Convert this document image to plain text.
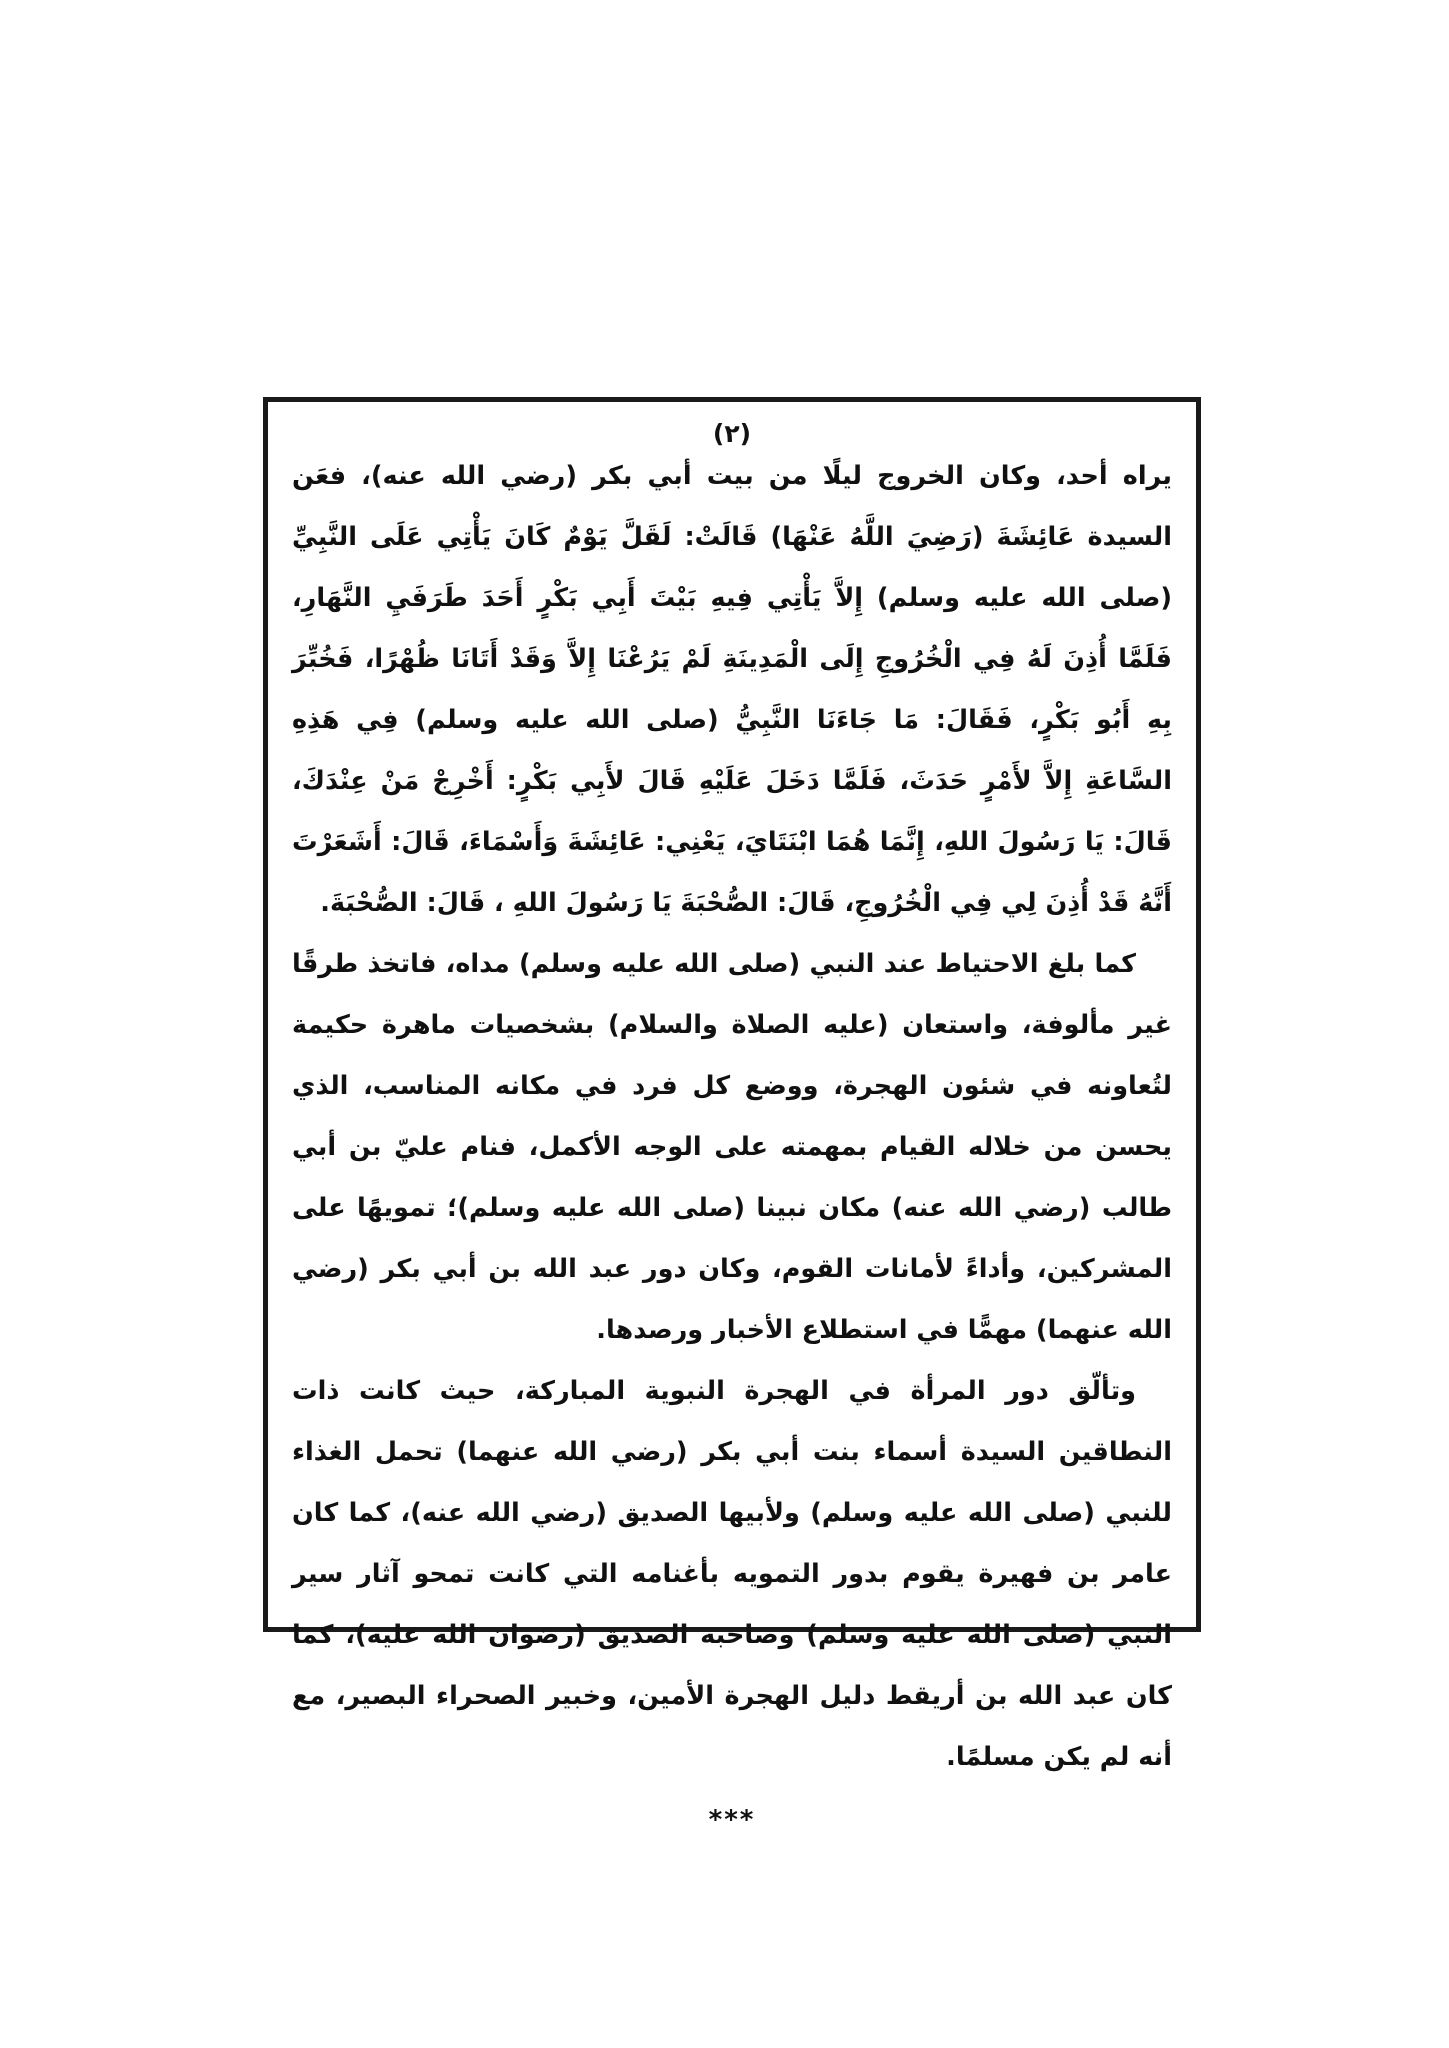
(٢)

يراه أحد، وكان الخروج ليلًا من بيت أبي بكر (رضي الله عنه)، فعَن السيدة عَائِشَةَ (رَضِيَ اللَّهُ عَنْهَا) قَالَتْ: لَقَلَّ يَوْمٌ كَانَ يَأْتِي عَلَى النَّبِيِّ (صلى الله عليه وسلم) إِلاَّ يَأْتِي فِيهِ بَيْتَ أَبِي بَكْرٍ أَحَدَ طَرَفَيِ النَّهَارِ، فَلَمَّا أُذِنَ لَهُ فِي الْخُرُوجِ إِلَى الْمَدِينَةِ لَمْ يَرُعْنَا إِلاَّ وَقَدْ أَتَانَا ظُهْرًا، فَخُبِّرَ بِهِ أَبُو بَكْرٍ، فَقَالَ: مَا جَاءَنَا النَّبِيُّ (صلى الله عليه وسلم) فِي هَذِهِ السَّاعَةِ إِلاَّ لأَمْرٍ حَدَثَ، فَلَمَّا دَخَلَ عَلَيْهِ قَالَ لأَبِي بَكْرٍ: أَخْرِجْ مَنْ عِنْدَكَ، قَالَ: يَا رَسُولَ اللهِ، إِنَّمَا هُمَا ابْنَتَايَ، يَعْنِي: عَائِشَةَ وَأَسْمَاءَ، قَالَ: أَشَعَرْتَ أَنَّهُ قَدْ أُذِنَ لِي فِي الْخُرُوجِ، قَالَ: الصُّحْبَةَ يَا رَسُولَ اللهِ ، قَالَ: الصُّحْبَةَ.

كما بلغ الاحتياط عند النبي (صلى الله عليه وسلم) مداه، فاتخذ طرقًا غير مألوفة، واستعان (عليه الصلاة والسلام) بشخصيات ماهرة حكيمة لتُعاونه في شئون الهجرة، ووضع كل فرد في مكانه المناسب، الذي يحسن من خلاله القيام بمهمته على الوجه الأكمل، فنام عليّ بن أبي طالب (رضي الله عنه) مكان نبينا (صلى الله عليه وسلم)؛ تمويهًا على المشركين، وأداءً لأمانات القوم، وكان دور عبد الله بن أبي بكر (رضي الله عنهما) مهمًّا في استطلاع الأخبار ورصدها.

وتألّق دور المرأة في الهجرة النبوية المباركة، حيث كانت ذات النطاقين السيدة أسماء بنت أبي بكر (رضي الله عنهما) تحمل الغذاء للنبي (صلى الله عليه وسلم) ولأبيها الصديق (رضي الله عنه)، كما كان عامر بن فهيرة يقوم بدور التمويه بأغنامه التي كانت تمحو آثار سير النبي (صلى الله عليه وسلم) وصاحبه الصديق (رضوان الله عليه)، كما كان عبد الله بن أريقط دليل الهجرة الأمين، وخبير الصحراء البصير، مع أنه لم يكن مسلمًا.

***
